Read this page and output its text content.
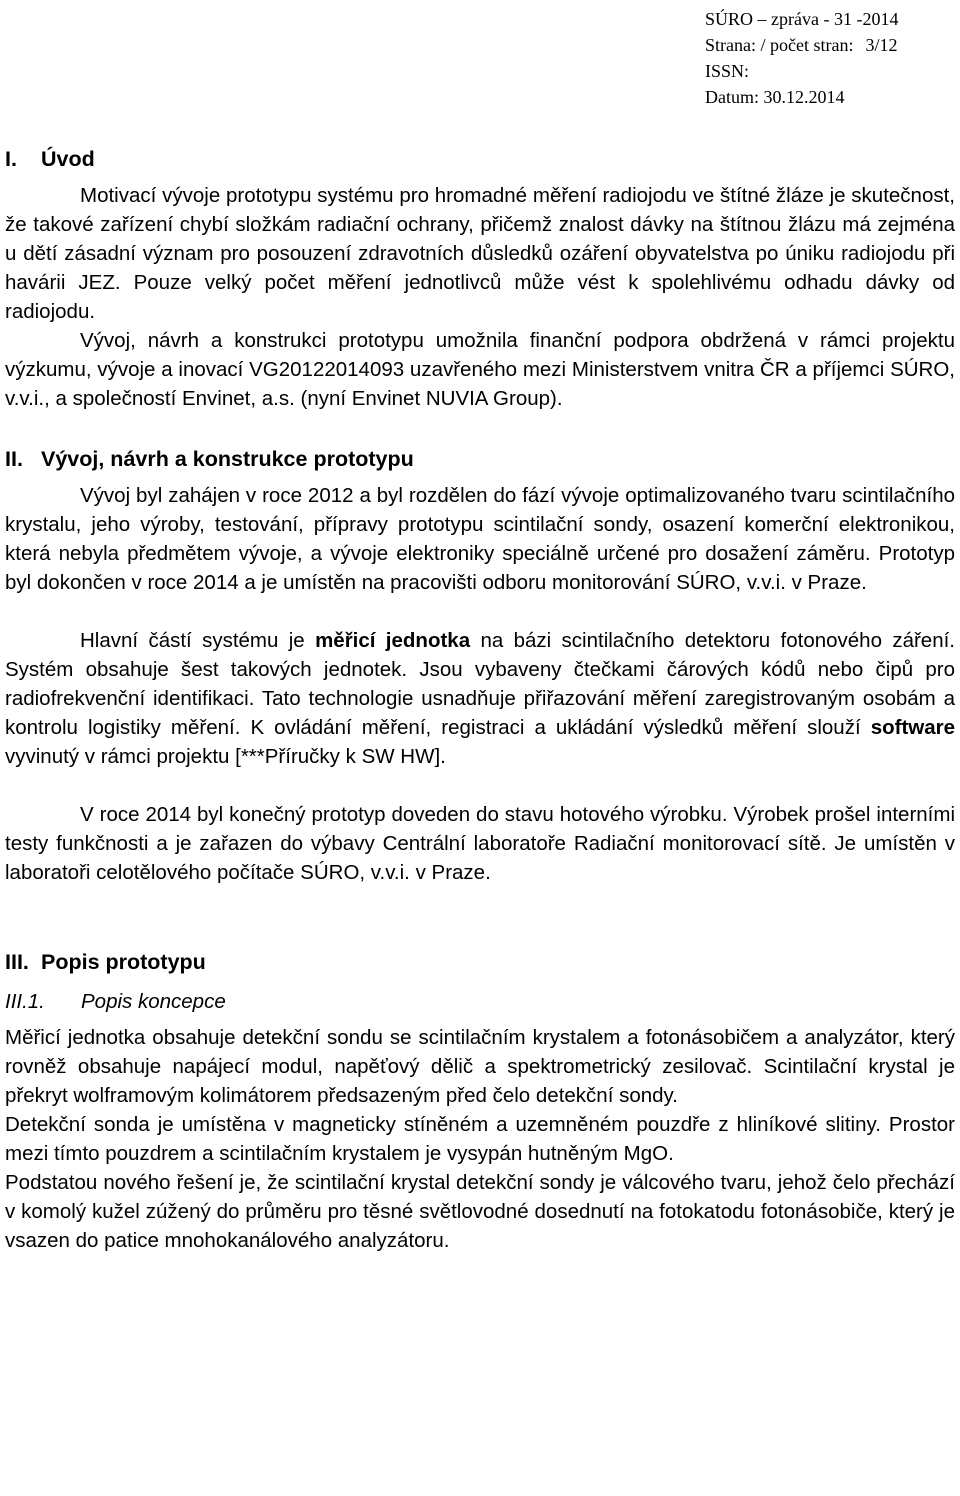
SÚRO – zpráva - 31 -2014
Strana: / počet stran: 3/12
ISSN:
Datum: 30.12.2014
I. Úvod

Motivací vývoje prototypu systému pro hromadné měření radiojodu ve štítné žláze je skutečnost, že takové zařízení chybí složkám radiační ochrany, přičemž znalost dávky na štítnou žlázu má zejména u dětí zásadní význam pro posouzení zdravotních důsledků ozáření obyvatelstva po úniku radiojodu při havárii JEZ. Pouze velký počet měření jednotlivců může vést k spolehlivému odhadu dávky od radiojodu.

Vývoj, návrh a konstrukci prototypu umožnila finanční podpora obdržená v rámci projektu výzkumu, vývoje a inovací VG20122014093 uzavřeného mezi Ministerstvem vnitra ČR a příjemci SÚRO, v.v.i., a společností Envinet, a.s. (nyní Envinet NUVIA Group).

II. Vývoj, návrh a konstrukce prototypu

Vývoj byl zahájen v roce 2012 a byl rozdělen do fází vývoje optimalizovaného tvaru scintilačního krystalu, jeho výroby, testování, přípravy prototypu scintilační sondy, osazení komerční elektronikou, která nebyla předmětem vývoje, a vývoje elektroniky speciálně určené pro dosažení záměru. Prototyp byl dokončen v roce 2014 a je umístěn na pracovišti odboru monitorování SÚRO, v.v.i. v Praze.

Hlavní částí systému je měřicí jednotka na bázi scintilačního detektoru fotonového záření. Systém obsahuje šest takových jednotek. Jsou vybaveny čtečkami čárových kódů nebo čipů pro radiofrekvenční identifikaci. Tato technologie usnadňuje přiřazování měření zaregistrovaným osobám a kontrolu logistiky měření. K ovládání měření, registraci a ukládání výsledků měření slouží software vyvinutý v rámci projektu [***Příručky k SW HW].

V roce 2014 byl konečný prototyp doveden do stavu hotového výrobku. Výrobek prošel interními testy funkčnosti a je zařazen do výbavy Centrální laboratoře Radiační monitorovací sítě. Je umístěn v laboratoři celotělového počítače SÚRO, v.v.i. v Praze.

III. Popis prototypu
III.1. Popis koncepce

Měřicí jednotka obsahuje detekční sondu se scintilačním krystalem a fotonásobičem a analyzátor, který rovněž obsahuje napájecí modul, napěťový dělič a spektrometrický zesilovač. Scintilační krystal je překryt wolframovým kolimátorem předsazeným před čelo detekční sondy.

Detekční sonda je umístěna v magneticky stíněném a uzemněném pouzdře z hliníkové slitiny. Prostor mezi tímto pouzdrem a scintilačním krystalem je vysypán hutněným MgO.

Podstatou nového řešení je, že scintilační krystal detekční sondy je válcového tvaru, jehož čelo přechází v komolý kužel zúžený do průměru pro těsné světlovodné dosednutí na fotokatodu fotonásobiče, který je vsazen do patice mnohokanálového analyzátoru.
